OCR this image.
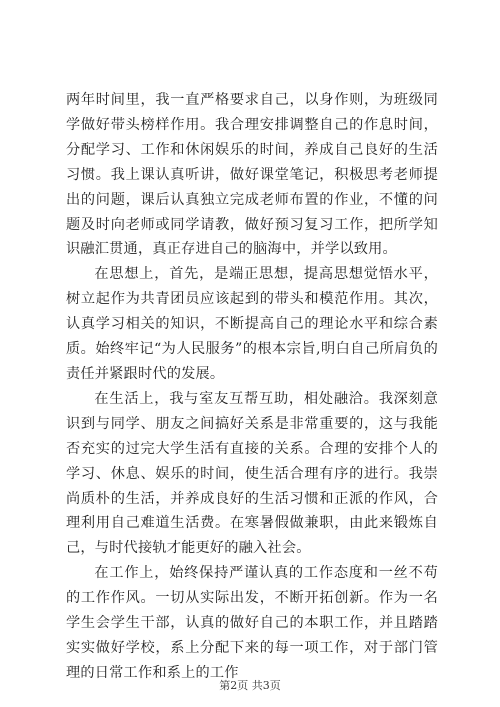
两年时间里，我一直严格要求自己，以身作则，为班级同学做好带头榜样作用。我合理安排调整自己的作息时间，分配学习、工作和休闲娱乐的时间，养成自己良好的生活习惯。我上课认真听讲，做好课堂笔记，积极思考老师提出的问题，课后认真独立完成老师布置的作业，不懂的问题及时向老师或同学请教，做好预习复习工作，把所学知识融汇贯通，真正存进自己的脑海中，并学以致用。

在思想上，首先，是端正思想，提高思想觉悟水平，树立起作为共青团员应该起到的带头和模范作用。其次，认真学习相关的知识，不断提高自己的理论水平和综合素质。始终牢记“为人民服务”的根本宗旨,明白自己所肩负的责任并紧跟时代的发展。

在生活上，我与室友互帮互助，相处融洽。我深刻意识到与同学、朋友之间搞好关系是非常重要的，这与我能否充实的过完大学生活有直接的关系。合理的安排个人的学习、休息、娱乐的时间，使生活合理有序的进行。我崇尚质朴的生活，并养成良好的生活习惯和正派的作风，合理利用自己难道生活费。在寒暑假做兼职，由此来锻炼自己，与时代接轨才能更好的融入社会。

在工作上，始终保持严谨认真的工作态度和一丝不苟的工作作风。一切从实际出发，不断开拓创新。作为一名学生会学生干部，认真的做好自己的本职工作，并且踏踏实实做好学校，系上分配下来的每一项工作，对于部门管理的日常工作和系上的工作

第2页 共3页
